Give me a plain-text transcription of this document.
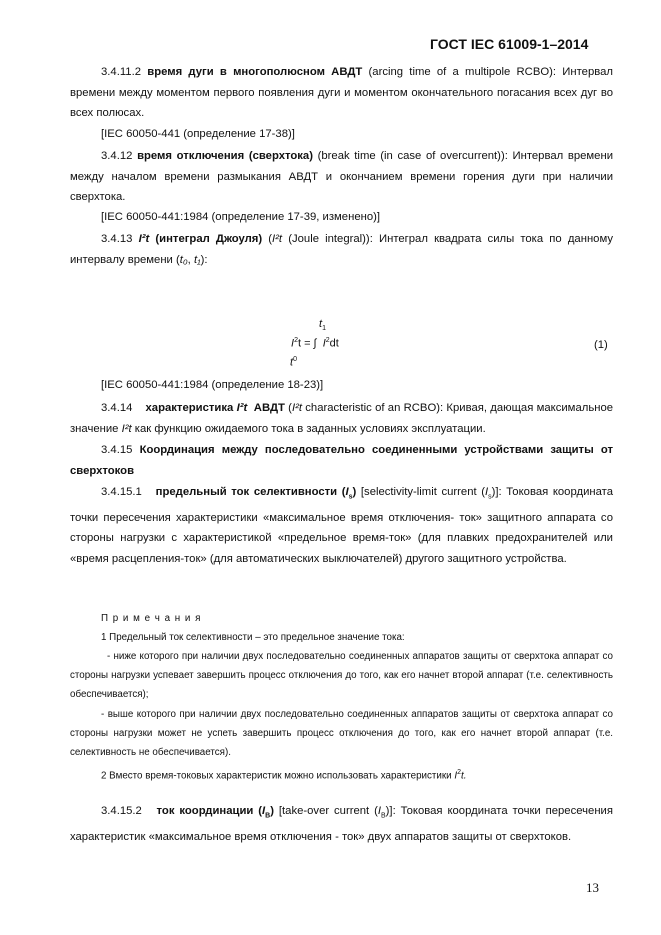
ГОСТ IEC 61009-1–2014
3.4.11.2 время дуги в многополюсном АВДТ (arcing time of a multipole RCBO): Интервал времени между моментом первого появления дуги и моментом окончательного погасания всех дуг во всех полюсах.
[IEC 60050-441 (определение 17-38)]
3.4.12 время отключения (сверхтока) (break time (in case of overcurrent)): Интервал времени между началом времени размыкания АВДТ и окончанием времени горения дуги при наличии сверхтока.
[IEC 60050-441:1984 (определение 17-39, изменено)]
3.4.13 I²t (интеграл Джоуля) (I²t (Joule integral)): Интеграл квадрата силы тока по данному интервалу времени (t₀, t₁):
$t_1$
$I^2t$ = ∫ $I^2dt$
$t^0$
(1)
[IEC 60050-441:1984 (определение 18-23)]
3.4.14 характеристика I²t АВДТ (I²t characteristic of an RCBO): Кривая, дающая максимальное значение I²t как функцию ожидаемого тока в заданных условиях эксплуатации.
3.4.15 Координация между последовательно соединенными устройствами защиты от сверхтоков
3.4.15.1 предельный ток селективности $(I_s)$ [selectivity-limit current $(I_s)$]: Токовая координата точки пересечения характеристики «максимальное время отключения- ток» защитного аппарата со стороны нагрузки с характеристикой «предельное время-ток» (для плавких предохранителей или «время расцепления-ток» (для автоматических выключателей) другого защитного устройства.
П р и м е ч а н и я
1 Предельный ток селективности – это предельное значение тока:
- ниже которого при наличии двух последовательно соединенных аппаратов защиты от сверхтока аппарат со стороны нагрузки успевает завершить процесс отключения до того, как его начнет второй аппарат (т.е. селективность обеспечивается);
- выше которого при наличии двух последовательно соединенных аппаратов защиты от сверхтока аппарат со стороны нагрузки может не успеть завершить процесс отключения до того, как его начнет второй аппарат (т.е. селективность не обеспечивается).
2 Вместо время-токовых характеристик можно использовать характеристики $I^2t$.
3.4.15.2 ток координации $(I_B)$ [take-over current $(I_B)$]: Токовая координата точки пересечения характеристик «максимальное время отключения - ток» двух аппаратов защиты от сверхтоков.
13
